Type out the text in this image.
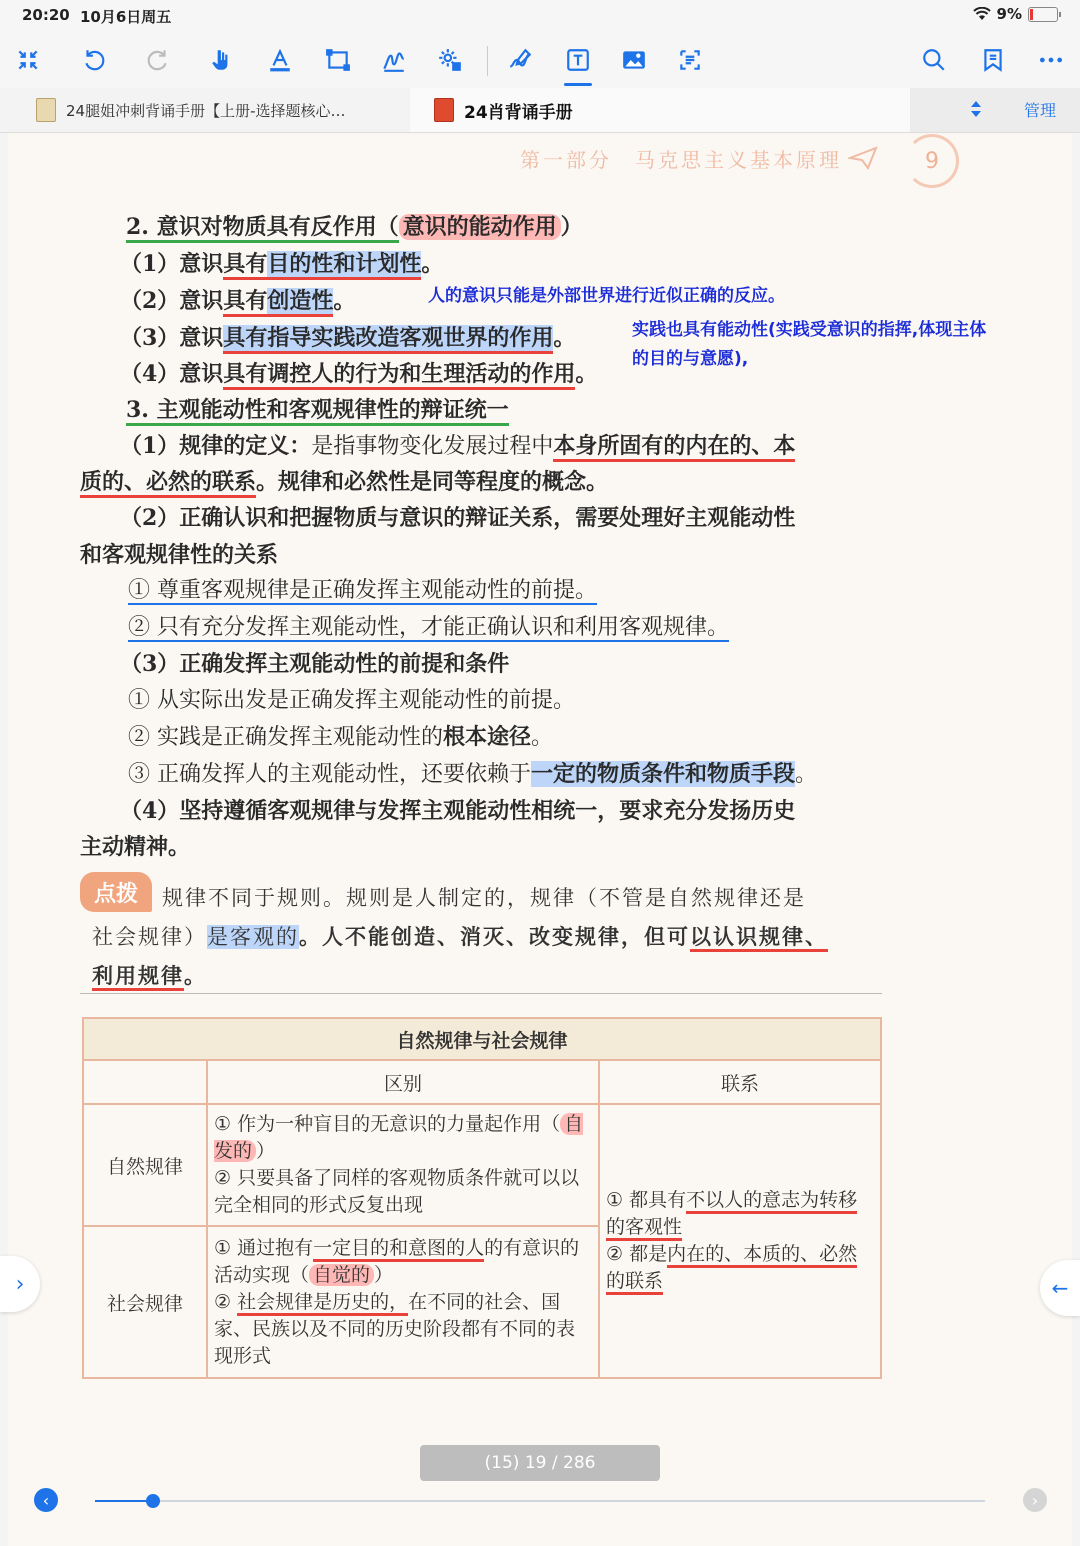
20:20 10月6日周五	9%
24腿姐冲刺背诵手册【上册-选择题核心…	24肖背诵手册	管理
第一部分　马克思主义基本原理	9
2. 意识对物质具有反作用（ 意识的能动作用 ）
（1）意识具有目的性和计划性。
（2）意识具有创造性。
（3）意识具有指导实践改造客观世界的作用。
（4）意识具有调控人的行为和生理活动的作用。
人的意识只能是外部世界进行近似正确的反应。
实践也具有能动性(实践受意识的指挥,体现主体
的目的与意愿),
3. 主观能动性和客观规律性的辩证统一
（1）规律的定义：是指事物变化发展过程中本身所固有的内在的、本
质的、必然的联系。规律和必然性是同等程度的概念。
（2）正确认识和把握物质与意识的辩证关系，需要处理好主观能动性
和客观规律性的关系
① 尊重客观规律是正确发挥主观能动性的前提。
② 只有充分发挥主观能动性，才能正确认识和利用客观规律。
（3）正确发挥主观能动性的前提和条件
① 从实际出发是正确发挥主观能动性的前提。
② 实践是正确发挥主观能动性的根本途径。
③ 正确发挥人的主观能动性，还要依赖于一定的物质条件和物质手段。
（4）坚持遵循客观规律与发挥主观能动性相统一，要求充分发扬历史
主动精神。
点拨	规律不同于规则。规则是人制定的，规律（不管是自然规律还是
社会规律）是客观的。人不能创造、消灭、改变规律，但可以认识规律、
利用规律。
自然规律与社会规律		
	区别	联系
自然规律	① 作为一种盲目的无意识的力量起作用（ 自发的 ）
② 只要具备了同样的客观物质条件就可以以完全相同的形式反复出现	① 都具有不以人的意志为转移的客观性
② 都是内在的、本质的、必然的联系
社会规律	① 通过抱有一定目的和意图的人的有意识的活动实现（ 自觉的 ）
② 社会规律是历史的，在不同的社会、国家、民族以及不同的历史阶段都有不同的表现形式	
›	←
(15) 19 / 286
‹	›
